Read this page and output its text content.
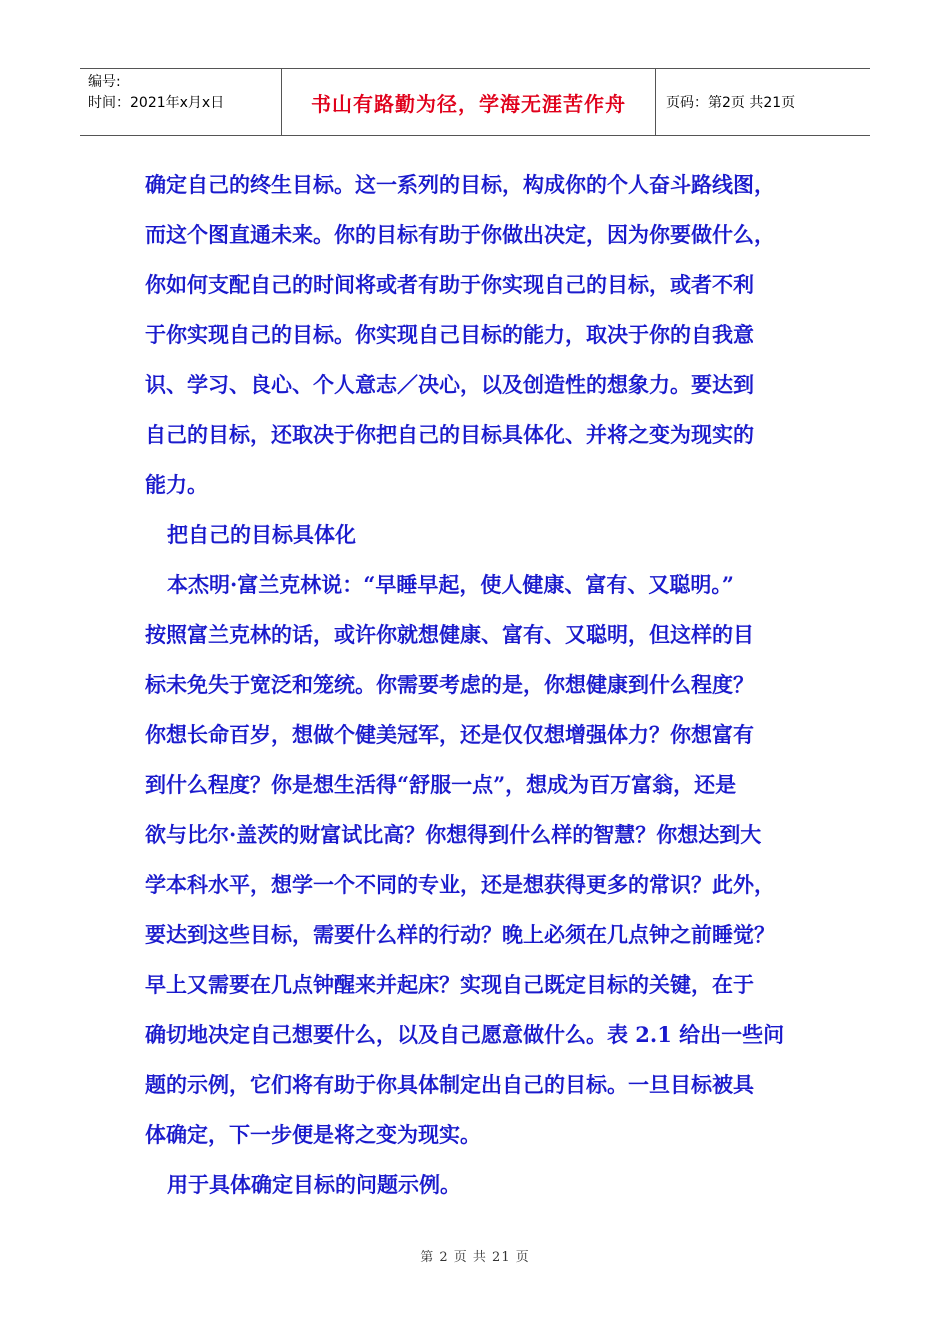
编号:
时间：2021年x月x日	书山有路勤为径，学海无涯苦作舟	页码：第2页 共21页

确定自己的终生目标。这一系列的目标，构成你的个人奋斗路线图，
而这个图直通未来。你的目标有助于你做出决定，因为你要做什么，
你如何支配自己的时间将或者有助于你实现自己的目标，或者不利
于你实现自己的目标。你实现自己目标的能力，取决于你的自我意
识、学习、良心、个人意志／决心，以及创造性的想象力。要达到
自己的目标，还取决于你把自己的目标具体化、并将之变为现实的
能力。

把自己的目标具体化

本杰明·富兰克林说：“早睡早起，使人健康、富有、又聪明。”
按照富兰克林的话，或许你就想健康、富有、又聪明，但这样的目
标未免失于宽泛和笼统。你需要考虑的是，你想健康到什么程度？
你想长命百岁，想做个健美冠军，还是仅仅想增强体力？你想富有
到什么程度？你是想生活得“舒服一点”，想成为百万富翁，还是
欲与比尔·盖茨的财富试比高？你想得到什么样的智慧？你想达到大
学本科水平，想学一个不同的专业，还是想获得更多的常识？此外，
要达到这些目标，需要什么样的行动？晚上必须在几点钟之前睡觉？
早上又需要在几点钟醒来并起床？实现自己既定目标的关键，在于
确切地决定自己想要什么，以及自己愿意做什么。表 2.1 给出一些问
题的示例，它们将有助于你具体制定出自己的目标。一旦目标被具
体确定，下一步便是将之变为现实。

用于具体确定目标的问题示例。

第 2 页 共 21 页
